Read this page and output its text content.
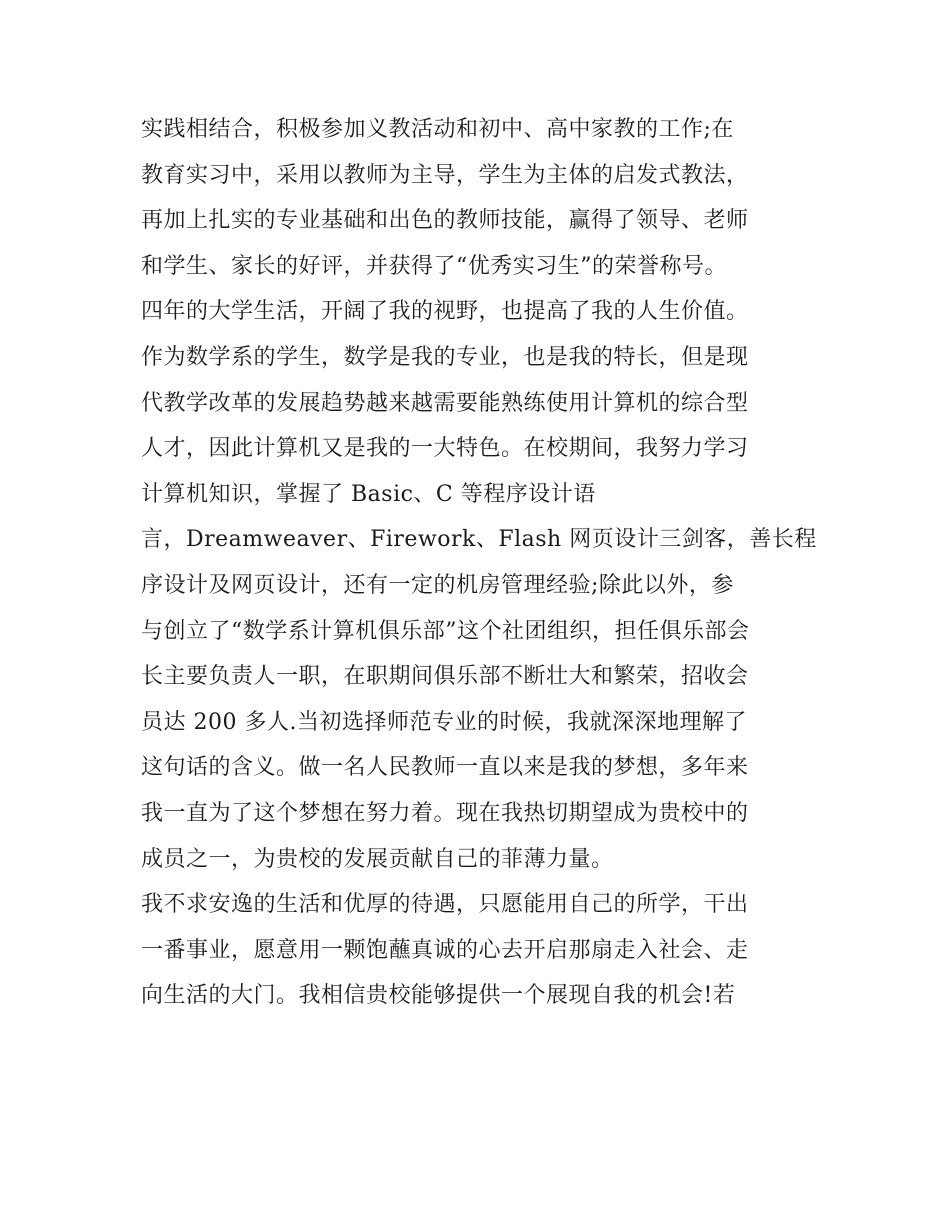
实践相结合，积极参加义教活动和初中、高中家教的工作;在
教育实习中，采用以教师为主导，学生为主体的启发式教法，
再加上扎实的专业基础和出色的教师技能，赢得了领导、老师
和学生、家长的好评，并获得了“优秀实习生”的荣誉称号。
四年的大学生活，开阔了我的视野，也提高了我的人生价值。
作为数学系的学生，数学是我的专业，也是我的特长，但是现
代教学改革的发展趋势越来越需要能熟练使用计算机的综合型
人才，因此计算机又是我的一大特色。在校期间，我努力学习
计算机知识，掌握了 Basic、C 等程序设计语
言，Dreamweaver、Firework、Flash 网页设计三剑客，善长程
序设计及网页设计，还有一定的机房管理经验;除此以外，参
与创立了“数学系计算机俱乐部”这个社团组织，担任俱乐部会
长主要负责人一职，在职期间俱乐部不断壮大和繁荣，招收会
员达 200 多人.当初选择师范专业的时候，我就深深地理解了
这句话的含义。做一名人民教师一直以来是我的梦想，多年来
我一直为了这个梦想在努力着。现在我热切期望成为贵校中的
成员之一，为贵校的发展贡献自己的菲薄力量。
我不求安逸的生活和优厚的待遇，只愿能用自己的所学，干出
一番事业，愿意用一颗饱蘸真诚的心去开启那扇走入社会、走
向生活的大门。我相信贵校能够提供一个展现自我的机会!若
